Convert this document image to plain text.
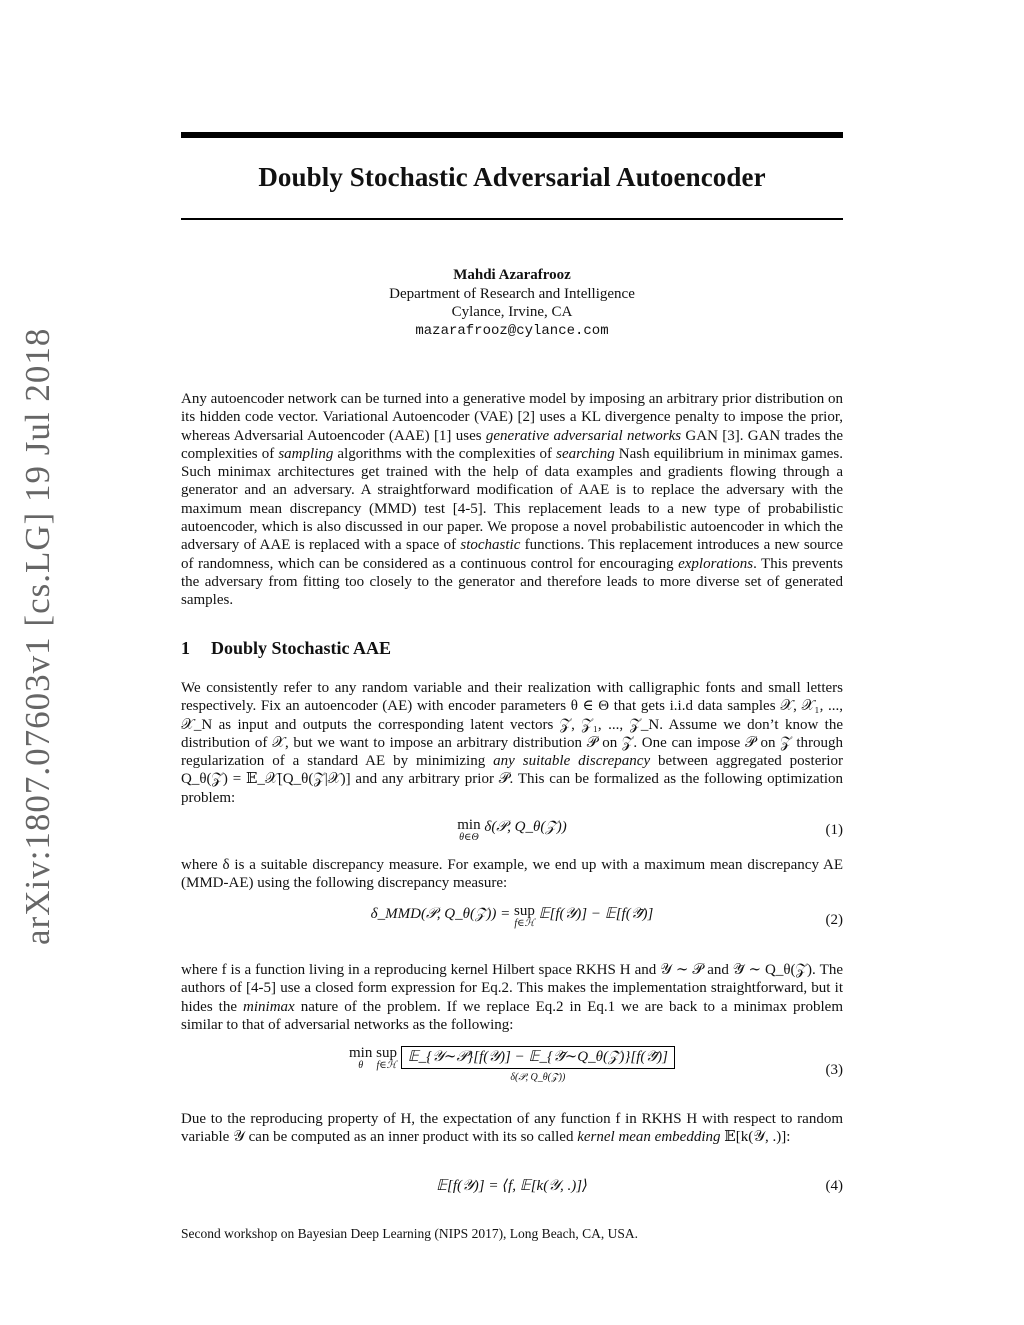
Doubly Stochastic Adversarial Autoencoder
Mahdi Azarafrooz
Department of Research and Intelligence
Cylance, Irvine, CA
mazarafrooz@cylance.com
arXiv:1807.07603v1 [cs.LG] 19 Jul 2018	Any autoencoder network can be turned into a generative model by imposing an arbitrary prior distribution on its hidden code vector. Variational Autoencoder (VAE) [2] uses a KL divergence penalty to impose the prior, whereas Adversarial Autoencoder (AAE) [1] uses generative adversarial networks GAN [3]. GAN trades the complexities of sampling algorithms with the complexities of searching Nash equilibrium in minimax games. Such minimax architectures get trained with the help of data examples and gradients flowing through a generator and an adversary. A straightforward modification of AAE is to replace the adversary with the maximum mean discrepancy (MMD) test [4-5]. This replacement leads to a new type of probabilistic autoencoder, which is also discussed in our paper. We propose a novel probabilistic autoencoder in which the adversary of AAE is replaced with a space of stochastic functions. This replacement introduces a new source of randomness, which can be considered as a continuous control for encouraging explorations. This prevents the adversary from fitting too closely to the generator and therefore leads to more diverse set of generated samples.
1 Doubly Stochastic AAE
We consistently refer to any random variable and their realization with calligraphic fonts and small letters respectively. Fix an autoencoder (AE) with encoder parameters θ ∈ Θ that gets i.i.d data samples 𝒳, 𝒳₁, ..., 𝒳_N as input and outputs the corresponding latent vectors 𝒵, 𝒵₁, ..., 𝒵_N. Assume we don’t know the distribution of 𝒳, but we want to impose an arbitrary distribution 𝒫 on 𝒵. One can impose 𝒫 on 𝒵 through regularization of a standard AE by minimizing any suitable discrepancy between aggregated posterior Q_θ(𝒵) = 𝔼_𝒳[Q_θ(𝒵|𝒳)] and any arbitrary prior 𝒫. This can be formalized as the following optimization problem:
min
θ∈Θ
δ(𝒫, Q_θ(𝒵))	(1)
where δ is a suitable discrepancy measure. For example, we end up with a maximum mean discrepancy AE (MMD-AE) using the following discrepancy measure:
δ_MMD(𝒫, Q_θ(𝒵)) = sup
f∈ℋ
𝔼[f(𝒴)] − 𝔼[f(𝒴̃)]	(2)
where f is a function living in a reproducing kernel Hilbert space RKHS H and 𝒴 ∼ 𝒫 and 𝒴̃ ∼ Q_θ(𝒵). The authors of [4-5] use a closed form expression for Eq.2. This makes the implementation straightforward, but it hides the minimax nature of the problem. If we replace Eq.2 in Eq.1 we are back to a minimax problem similar to that of adversarial networks as the following:
min
θ
sup
f∈ℋ
𝔼_{𝒴∼𝒫}[f(𝒴)] − 𝔼_{𝒴̃∼Q_θ(𝒵)}[f(𝒴̃)]
δ(𝒫, Q_θ(𝒵))	(3)
Due to the reproducing property of H, the expectation of any function f in RKHS H with respect to random variable 𝒴 can be computed as an inner product with its so called kernel mean embedding 𝔼[k(𝒴, .)]:
𝔼[f(𝒴)] = ⟨f, 𝔼[k(𝒴, .)]⟩	(4)
Second workshop on Bayesian Deep Learning (NIPS 2017), Long Beach, CA, USA.
